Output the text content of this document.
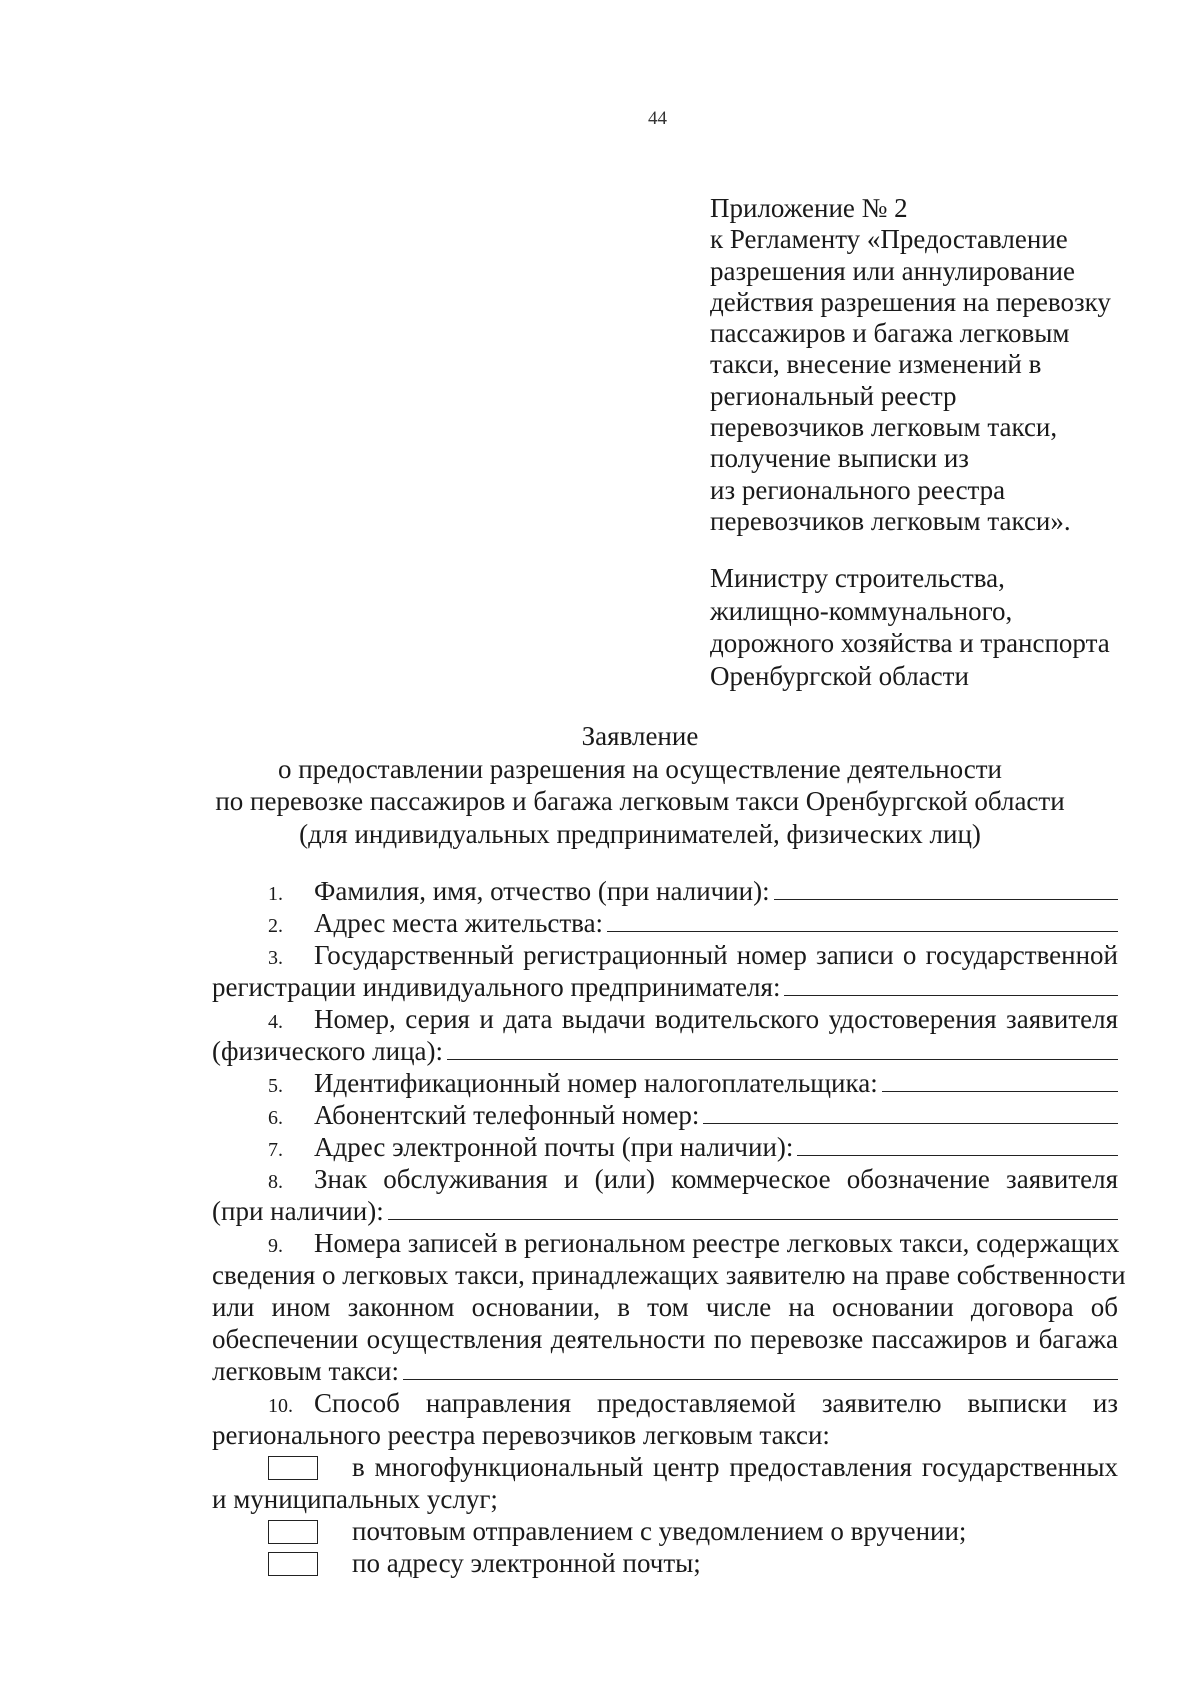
44
Приложение № 2
к Регламенту «Предоставление
разрешения или аннулирование
действия разрешения на перевозку
пассажиров и багажа легковым
такси, внесение изменений в
региональный реестр
перевозчиков легковым такси,
получение выписки из
из регионального реестра
перевозчиков легковым такси».
Министру строительства,
жилищно-коммунального,
дорожного хозяйства и транспорта
Оренбургской области
Заявление
о предоставлении разрешения на осуществление деятельности
по перевозке пассажиров и багажа легковым такси Оренбургской области
(для индивидуальных предпринимателей, физических лиц)
1.	Фамилия, имя, отчество (при наличии):
2.	Адрес места жительства:
3. Государственный регистрационный номер записи о государственной
регистрации индивидуального предпринимателя:
4. Номер, серия и дата выдачи водительского удостоверения заявителя
(физического лица):
5.	Идентификационный номер налогоплательщика:
6.	Абонентский телефонный номер:
7.	Адрес электронной почты (при наличии):
8. Знак обслуживания и (или) коммерческое обозначение заявителя
(при наличии):
9. Номера записей в региональном реестре легковых такси, содержащих
сведения о легковых такси, принадлежащих заявителю на праве собственности
или ином законном основании, в том числе на основании договора об
обеспечении осуществления деятельности по перевозке пассажиров и багажа
легковым такси:
10. Способ направления предоставляемой заявителю выписки из
регионального реестра перевозчиков легковым такси:
в многофункциональный центр предоставления государственных
и муниципальных услуг;
почтовым отправлением с уведомлением о вручении;
по адресу электронной почты;
